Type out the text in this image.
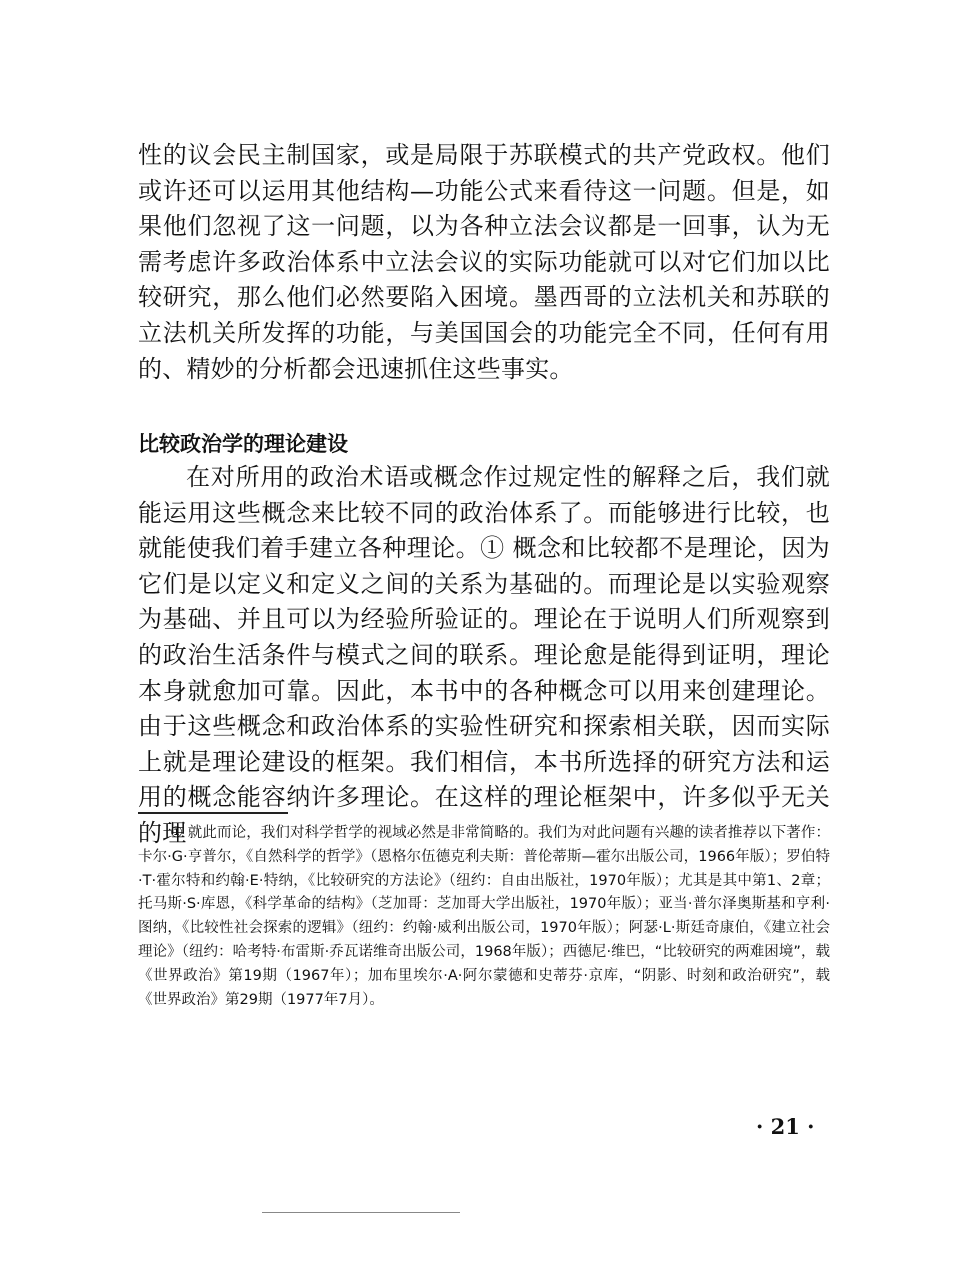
性的议会民主制国家，或是局限于苏联模式的共产党政权。他们或许还可以运用其他结构—功能公式来看待这一问题。但是，如果他们忽视了这一问题，以为各种立法会议都是一回事，认为无需考虑许多政治体系中立法会议的实际功能就可以对它们加以比较研究，那么他们必然要陷入困境。墨西哥的立法机关和苏联的立法机关所发挥的功能，与美国国会的功能完全不同，任何有用的、精妙的分析都会迅速抓住这些事实。

比较政治学的理论建设

在对所用的政治术语或概念作过规定性的解释之后，我们就能运用这些概念来比较不同的政治体系了。而能够进行比较，也就能使我们着手建立各种理论。① 概念和比较都不是理论，因为它们是以定义和定义之间的关系为基础的。而理论是以实验观察为基础、并且可以为经验所验证的。理论在于说明人们所观察到的政治生活条件与模式之间的联系。理论愈是能得到证明，理论本身就愈加可靠。因此，本书中的各种概念可以用来创建理论。由于这些概念和政治体系的实验性研究和探索相关联，因而实际上就是理论建设的框架。我们相信，本书所选择的研究方法和运用的概念能容纳许多理论。在这样的理论框架中，许多似乎无关的理

① 就此而论，我们对科学哲学的视域必然是非常简略的。我们为对此问题有兴趣的读者推荐以下著作：卡尔·G·亨普尔，《自然科学的哲学》（恩格尔伍德克利夫斯：普伦蒂斯—霍尔出版公司，1966年版）；罗伯特·T·霍尔特和约翰·E·特纳，《比较研究的方法论》（纽约：自由出版社，1970年版）；尤其是其中第1、2章；托马斯·S·库恩，《科学革命的结构》（芝加哥：芝加哥大学出版社，1970年版）；亚当·普尔泽奥斯基和亨利·图纳，《比较性社会探索的逻辑》（纽约：约翰·威利出版公司，1970年版）；阿瑟·L·斯廷奇康伯，《建立社会理论》（纽约：哈考特·布雷斯·乔瓦诺维奇出版公司，1968年版）；西德尼·维巴，“比较研究的两难困境”，载《世界政治》第19期（1967年）；加布里埃尔·A·阿尔蒙德和史蒂芬·京库，“阴影、时刻和政治研究”，载《世界政治》第29期（1977年7月）。

· 21 ·
